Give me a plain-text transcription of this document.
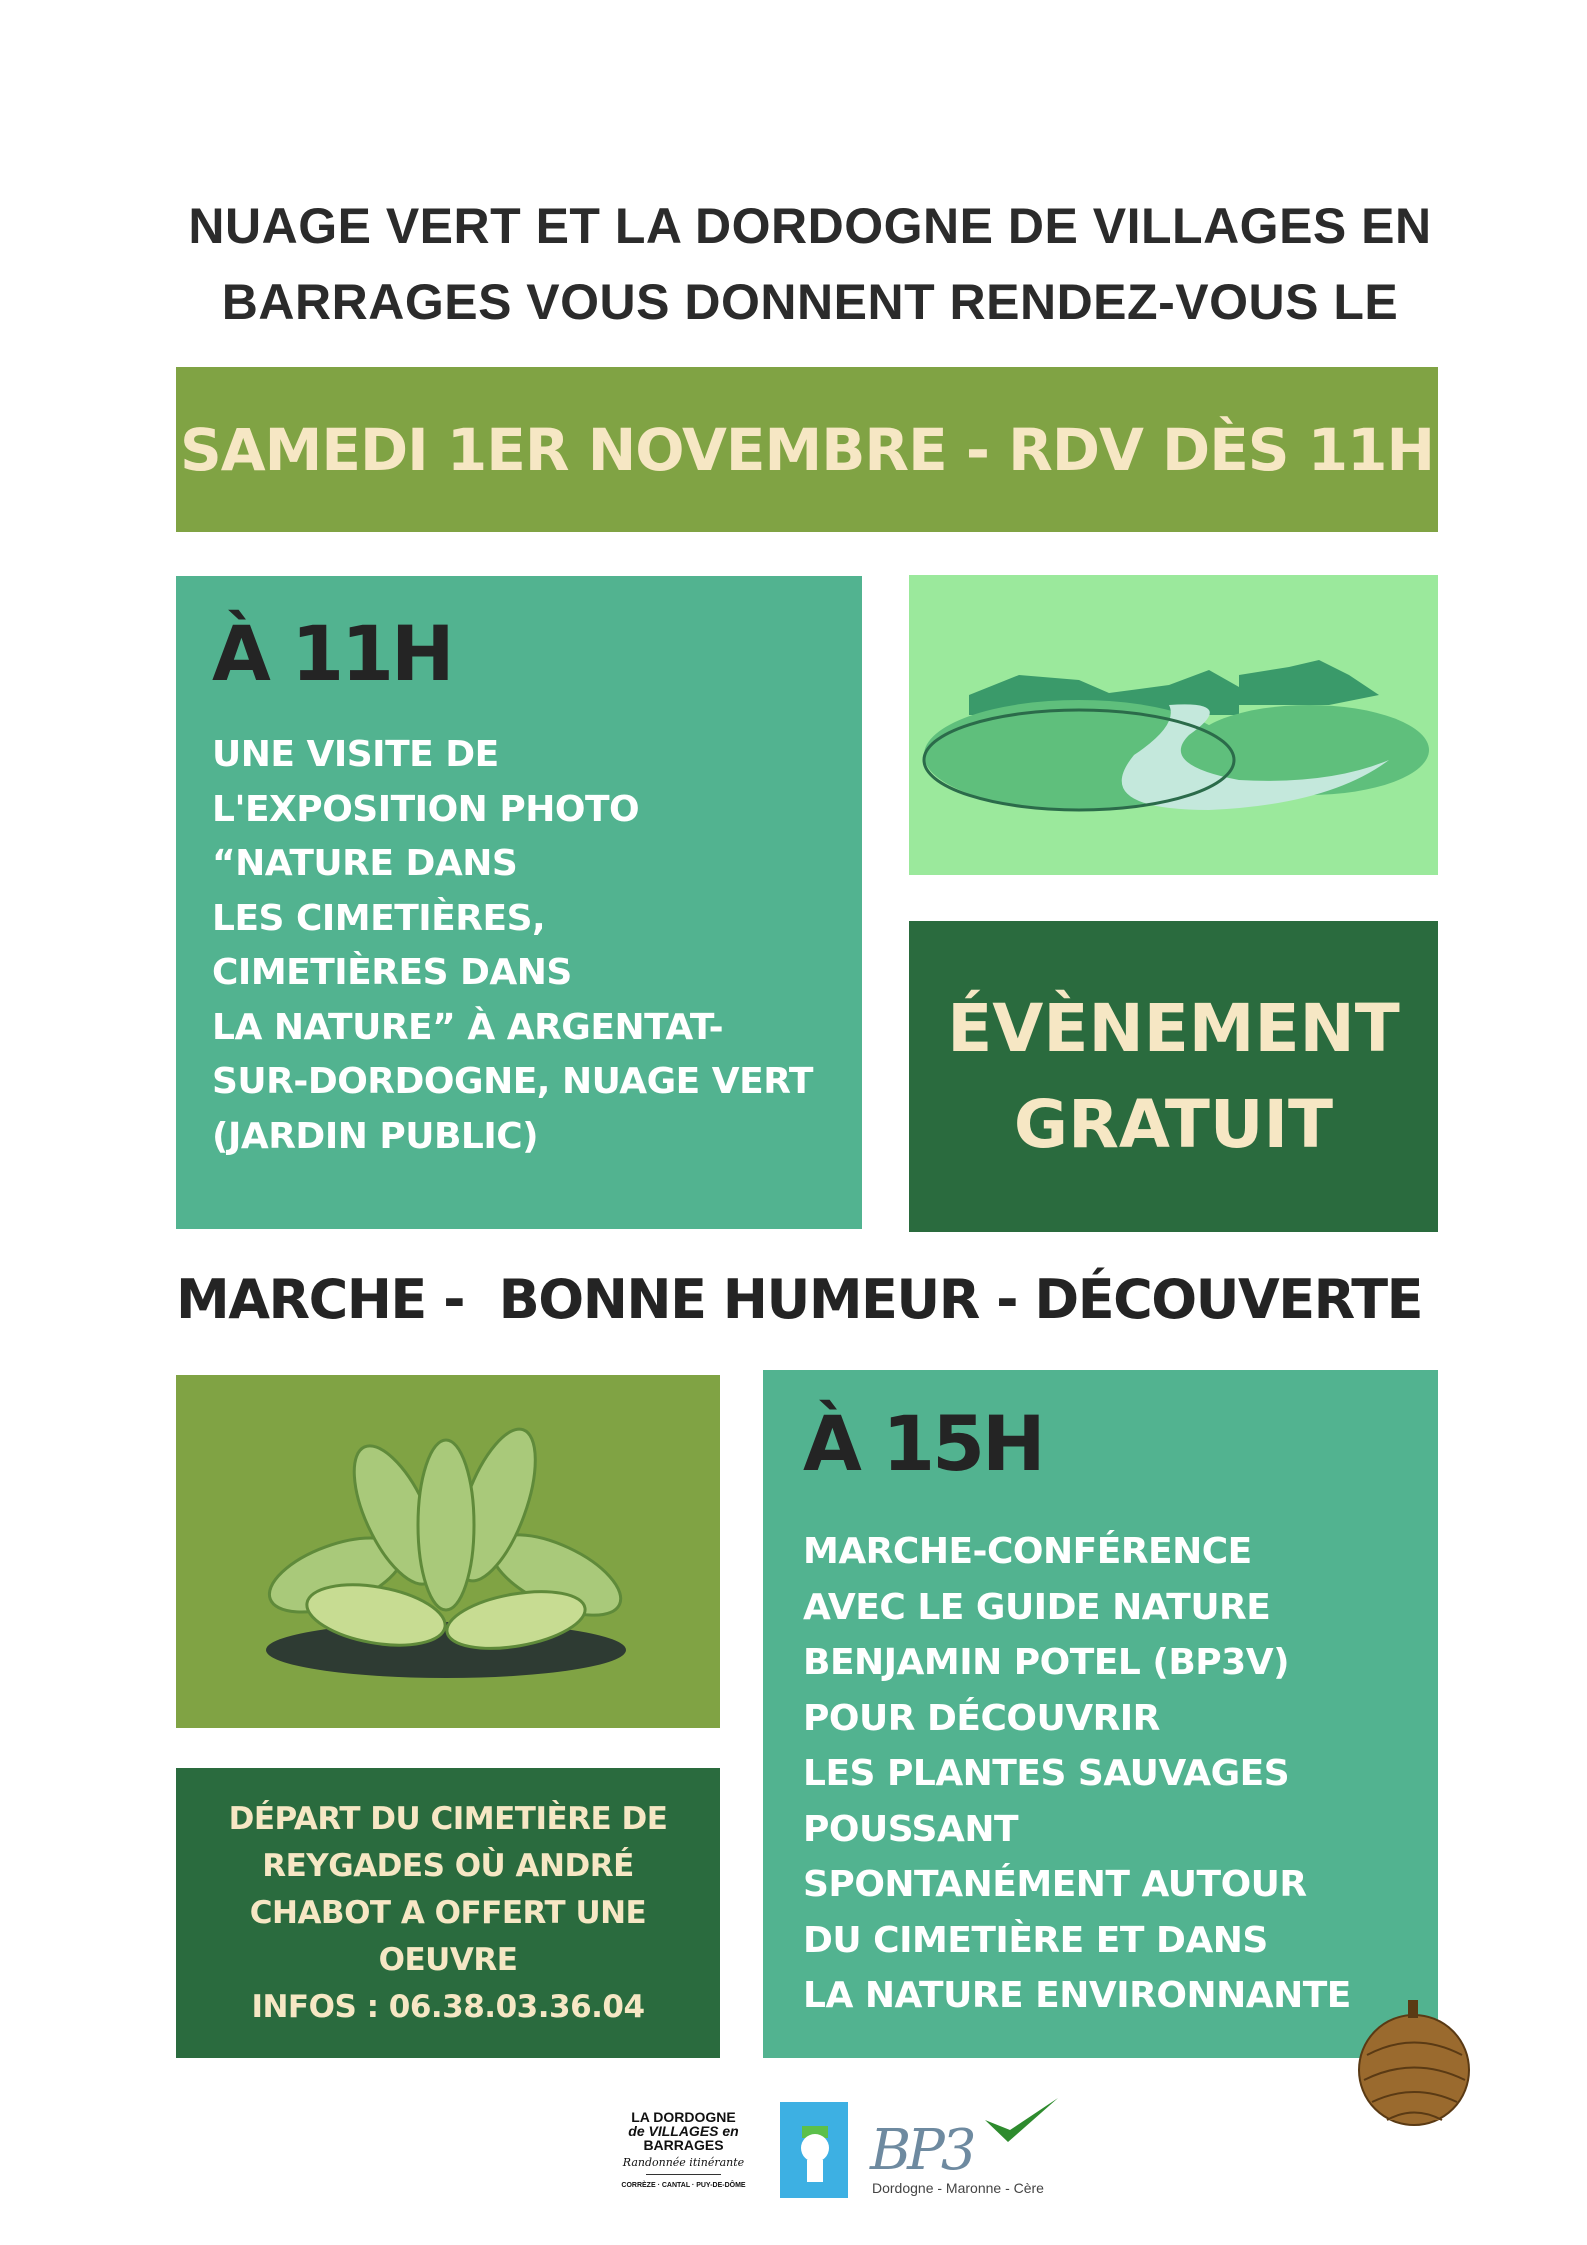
NUAGE VERT ET LA DORDOGNE DE VILLAGES EN
BARRAGES VOUS DONNENT RENDEZ-VOUS LE
SAMEDI 1ER NOVEMBRE - RDV DÈS 11H
À 11H
UNE VISITE DE
L'EXPOSITION PHOTO
“NATURE DANS
LES CIMETIÈRES,
CIMETIÈRES DANS
LA NATURE” À ARGENTAT-
SUR-DORDOGNE, NUAGE VERT
(JARDIN PUBLIC)
ÉVÈNEMENT
GRATUIT
MARCHE -  BONNE HUMEUR - DÉCOUVERTE
DÉPART DU CIMETIÈRE DE
REYGADES OÙ ANDRÉ
CHABOT A OFFERT UNE
OEUVRE
INFOS : 06.38.03.36.04
À 15H
MARCHE-CONFÉRENCE
AVEC LE GUIDE NATURE
BENJAMIN POTEL (BP3V)
POUR DÉCOUVRIR
LES PLANTES SAUVAGES
POUSSANT
SPONTANÉMENT AUTOUR
DU CIMETIÈRE ET DANS
LA NATURE ENVIRONNANTE
LA DORDOGNE
de VILLAGES en
BARRAGES
Randonnée itinérante
CORRÈZE · CANTAL · PUY-DE-DÔME
BP3
Dordogne - Maronne - Cère
